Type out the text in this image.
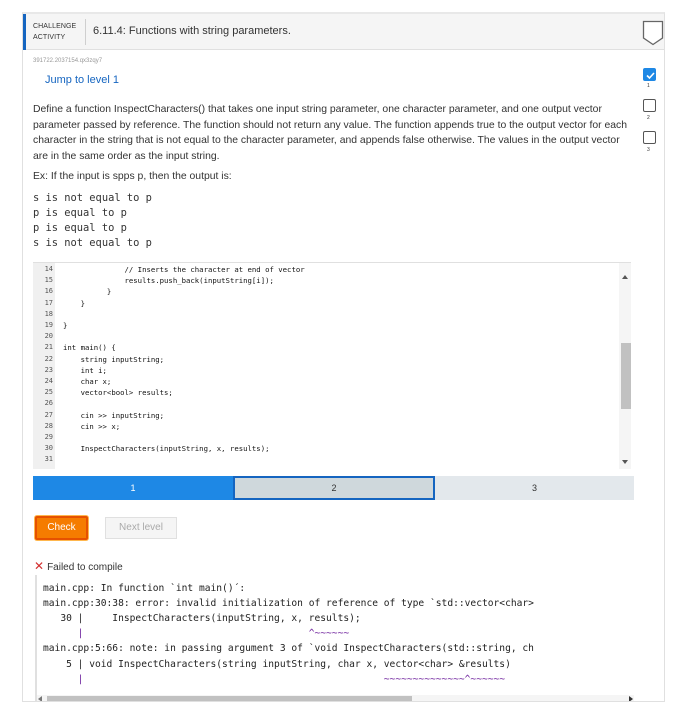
CHALLENGE
ACTIVITY
6.11.4: Functions with string parameters.
391722.2037154.qx3zqy7
Jump to level 1
Define a function InspectCharacters() that takes one input string parameter, one character parameter, and one output vector parameter passed by reference. The function should not return any value. The function appends true to the output vector for each character in the string that is not equal to the character parameter, and appends false otherwise. The values in the output vector are in the same order as the input string.
Ex: If the input is spps p, then the output is:
s is not equal to p
p is equal to p
p is equal to p
s is not equal to p
14 // Inserts the character at end of vector
15 results.push_back(inputString[i]);
16 }
17 }
18
19 }
20
21 int main() {
22 string inputString;
23 int i;
24 char x;
25 vector<bool> results;
26
27 cin >> inputString;
28 cin >> x;
29
30 InspectCharacters(inputString, x, results);
31
1	2	3
Check	Next level
✕ Failed to compile
main.cpp: In function `int main()´:
main.cpp:30:38: error: invalid initialization of reference of type `std::vector<char>
30 |     InspectCharacters(inputString, x, results);
|                                       ^~~~~~~
main.cpp:5:66: note: in passing argument 3 of `void InspectCharacters(std::string, ch
5 | void InspectCharacters(string inputString, char x, vector<char> &results)
|                                                    ~~~~~~~~~~~~~~^~~~~~~
1
2
3
